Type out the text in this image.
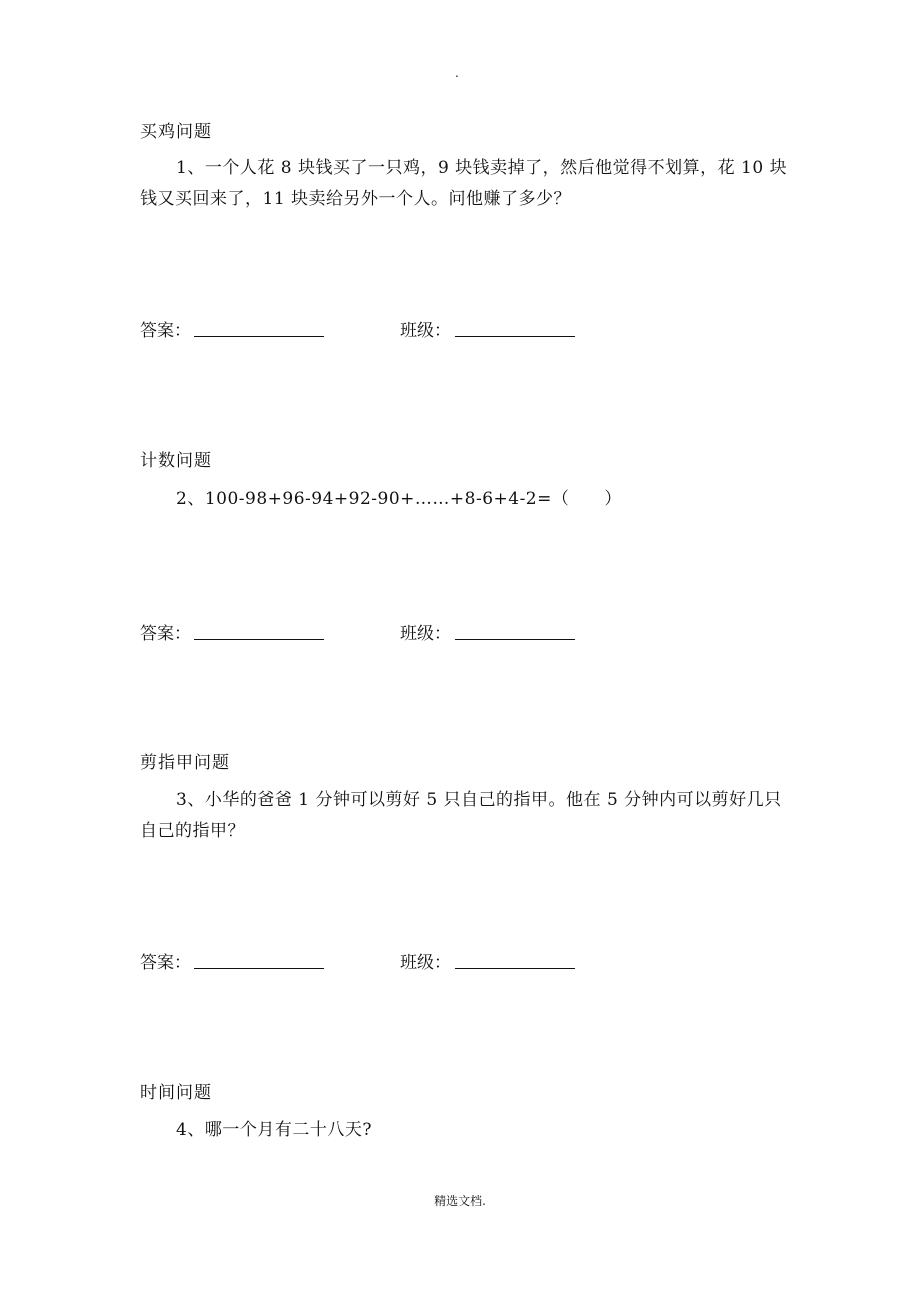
.
买鸡问题
1、一个人花 8 块钱买了一只鸡，9 块钱卖掉了，然后他觉得不划算，花 10 块钱又买回来了，11 块卖给另外一个人。问他赚了多少？
答案：	班级：
计数问题
2、100-98+96-94+92-90+……+8-6+4-2=（　　）
答案：	班级：
剪指甲问题
3、小华的爸爸 1 分钟可以剪好 5 只自己的指甲。他在 5 分钟内可以剪好几只自己的指甲？
答案：	班级：
时间问题
4、哪一个月有二十八天?
精选文档.
